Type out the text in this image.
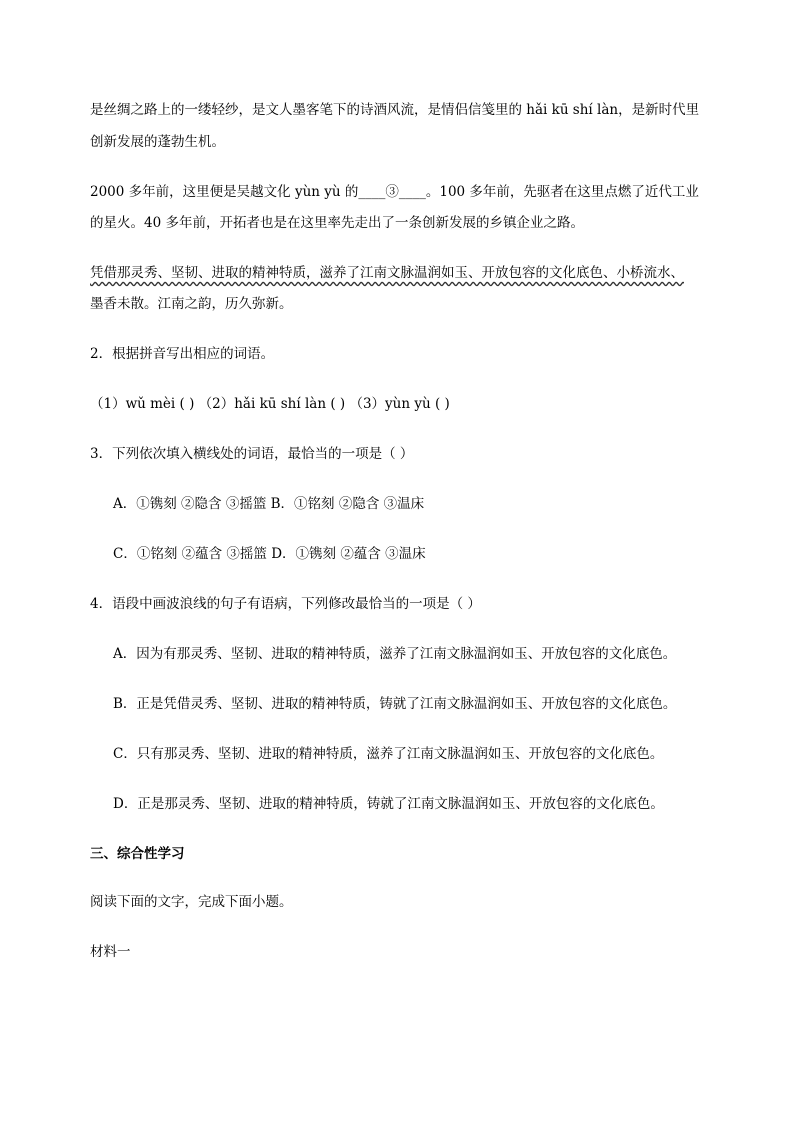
是丝绸之路上的一缕轻纱，是文人墨客笔下的诗酒风流，是情侣信笺里的 hǎi kū shí làn，是新时代里
创新发展的蓬勃生机。
2000 多年前，这里便是吴越文化 yùn yù 的____③____。100 多年前，先驱者在这里点燃了近代工业
的星火。40 多年前，开拓者也是在这里率先走出了一条创新发展的乡镇企业之路。
凭借那灵秀、坚韧、进取的精神特质，滋养了江南文脉温润如玉、开放包容的文化底色、小桥流水、
墨香未散。江南之韵，历久弥新。
2．根据拼音写出相应的词语。
（1）wǔ mèi ( ) （2）hǎi kū shí làn ( ) （3）yùn yù ( )
3．下列依次填入横线处的词语，最恰当的一项是（ ）
A．①镌刻 ②隐含 ③摇篮 B．①铭刻 ②隐含 ③温床
C．①铭刻 ②蕴含 ③摇篮 D．①镌刻 ②蕴含 ③温床
4．语段中画波浪线的句子有语病，下列修改最恰当的一项是（ ）
A．因为有那灵秀、坚韧、进取的精神特质，滋养了江南文脉温润如玉、开放包容的文化底色。
B．正是凭借灵秀、坚韧、进取的精神特质，铸就了江南文脉温润如玉、开放包容的文化底色。
C．只有那灵秀、坚韧、进取的精神特质，滋养了江南文脉温润如玉、开放包容的文化底色。
D．正是那灵秀、坚韧、进取的精神特质，铸就了江南文脉温润如玉、开放包容的文化底色。
三、综合性学习
阅读下面的文字，完成下面小题。
材料一
